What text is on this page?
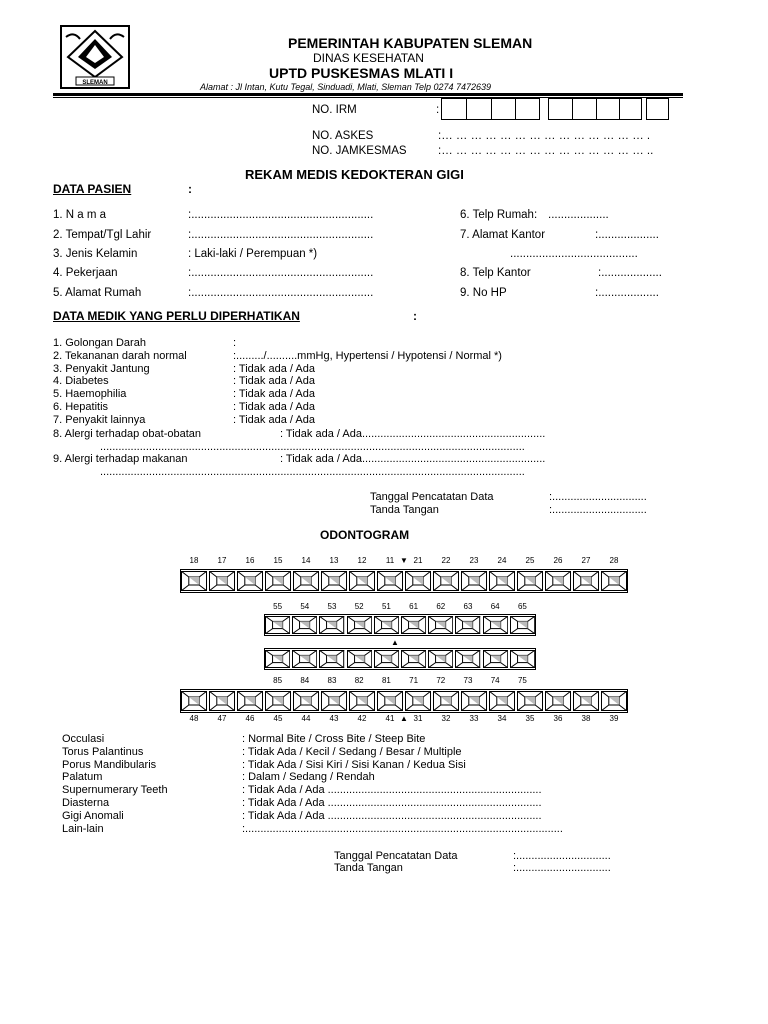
SLEMAN
PEMERINTAH KABUPATEN SLEMAN
DINAS KESEHATAN
UPTD PUSKESMAS MLATI I
Alamat : Jl Intan, Kutu Tegal, Sinduadi, Mlati, Sleman Telp 0274 7472639
NO. IRM	:
NO. ASKES	:… … … … … … … … … … … … … … .
NO. JAMKESMAS	:… … … … … … … … … … … … … … ..
REKAM MEDIS KEDOKTERAN GIGI
DATA PASIEN	:
1. N a m a	:.........................................................
2. Tempat/Tgl Lahir	:.........................................................
3. Jenis Kelamin	: Laki-laki / Perempuan *)
4. Pekerjaan	:.........................................................
5. Alamat Rumah	:.........................................................
6. Telp Rumah: ...................
7. Alamat Kantor	:...................
........................................
8. Telp Kantor	:...................
9. No HP	:...................
DATA MEDIK YANG PERLU DIPERHATIKAN	:
1. Golongan Darah	:
2. Tekananan darah normal	:........./..........mmHg, Hypertensi / Hypotensi / Normal *)
3. Penyakit Jantung	: Tidak ada / Ada
4. Diabetes	: Tidak ada / Ada
5. Haemophilia	: Tidak ada / Ada
6. Hepatitis	: Tidak ada / Ada
7. Penyakit lainnya	: Tidak ada / Ada
8. Alergi terhadap obat-obatan	: Tidak ada / Ada............................................................
...........................................................................................................................................
9. Alergi terhadap makanan	: Tidak ada / Ada............................................................
...........................................................................................................................................
Tanggal Pencatatan Data	:...............................
Tanda Tangan	:...............................
ODONTOGRAM
18 17 16 15 14 13 12 11 21 22 23 24 25 26 27 28
▼
55 54 53 52 51 61 62 63 64 65
85 84 83 82 81 71 72 73 74 75
48 47 46 45 44 43 42 41 31 32 33 34 35 36 38 39
▲
▲
Occulasi	: Normal Bite / Cross Bite / Steep Bite
Torus Palantinus	: Tidak Ada / Kecil / Sedang / Besar / Multiple
Porus Mandibularis	: Tidak Ada / Sisi Kiri / Sisi Kanan / Kedua Sisi
Palatum	: Dalam / Sedang / Rendah
Supernumerary Teeth	: Tidak Ada / Ada ......................................................................
Diasterna	: Tidak Ada / Ada ......................................................................
Gigi Anomali	: Tidak Ada / Ada ......................................................................
Lain-lain	:........................................................................................................
Tanggal Pencatatan Data	:...............................
Tanda Tangan	:...............................
